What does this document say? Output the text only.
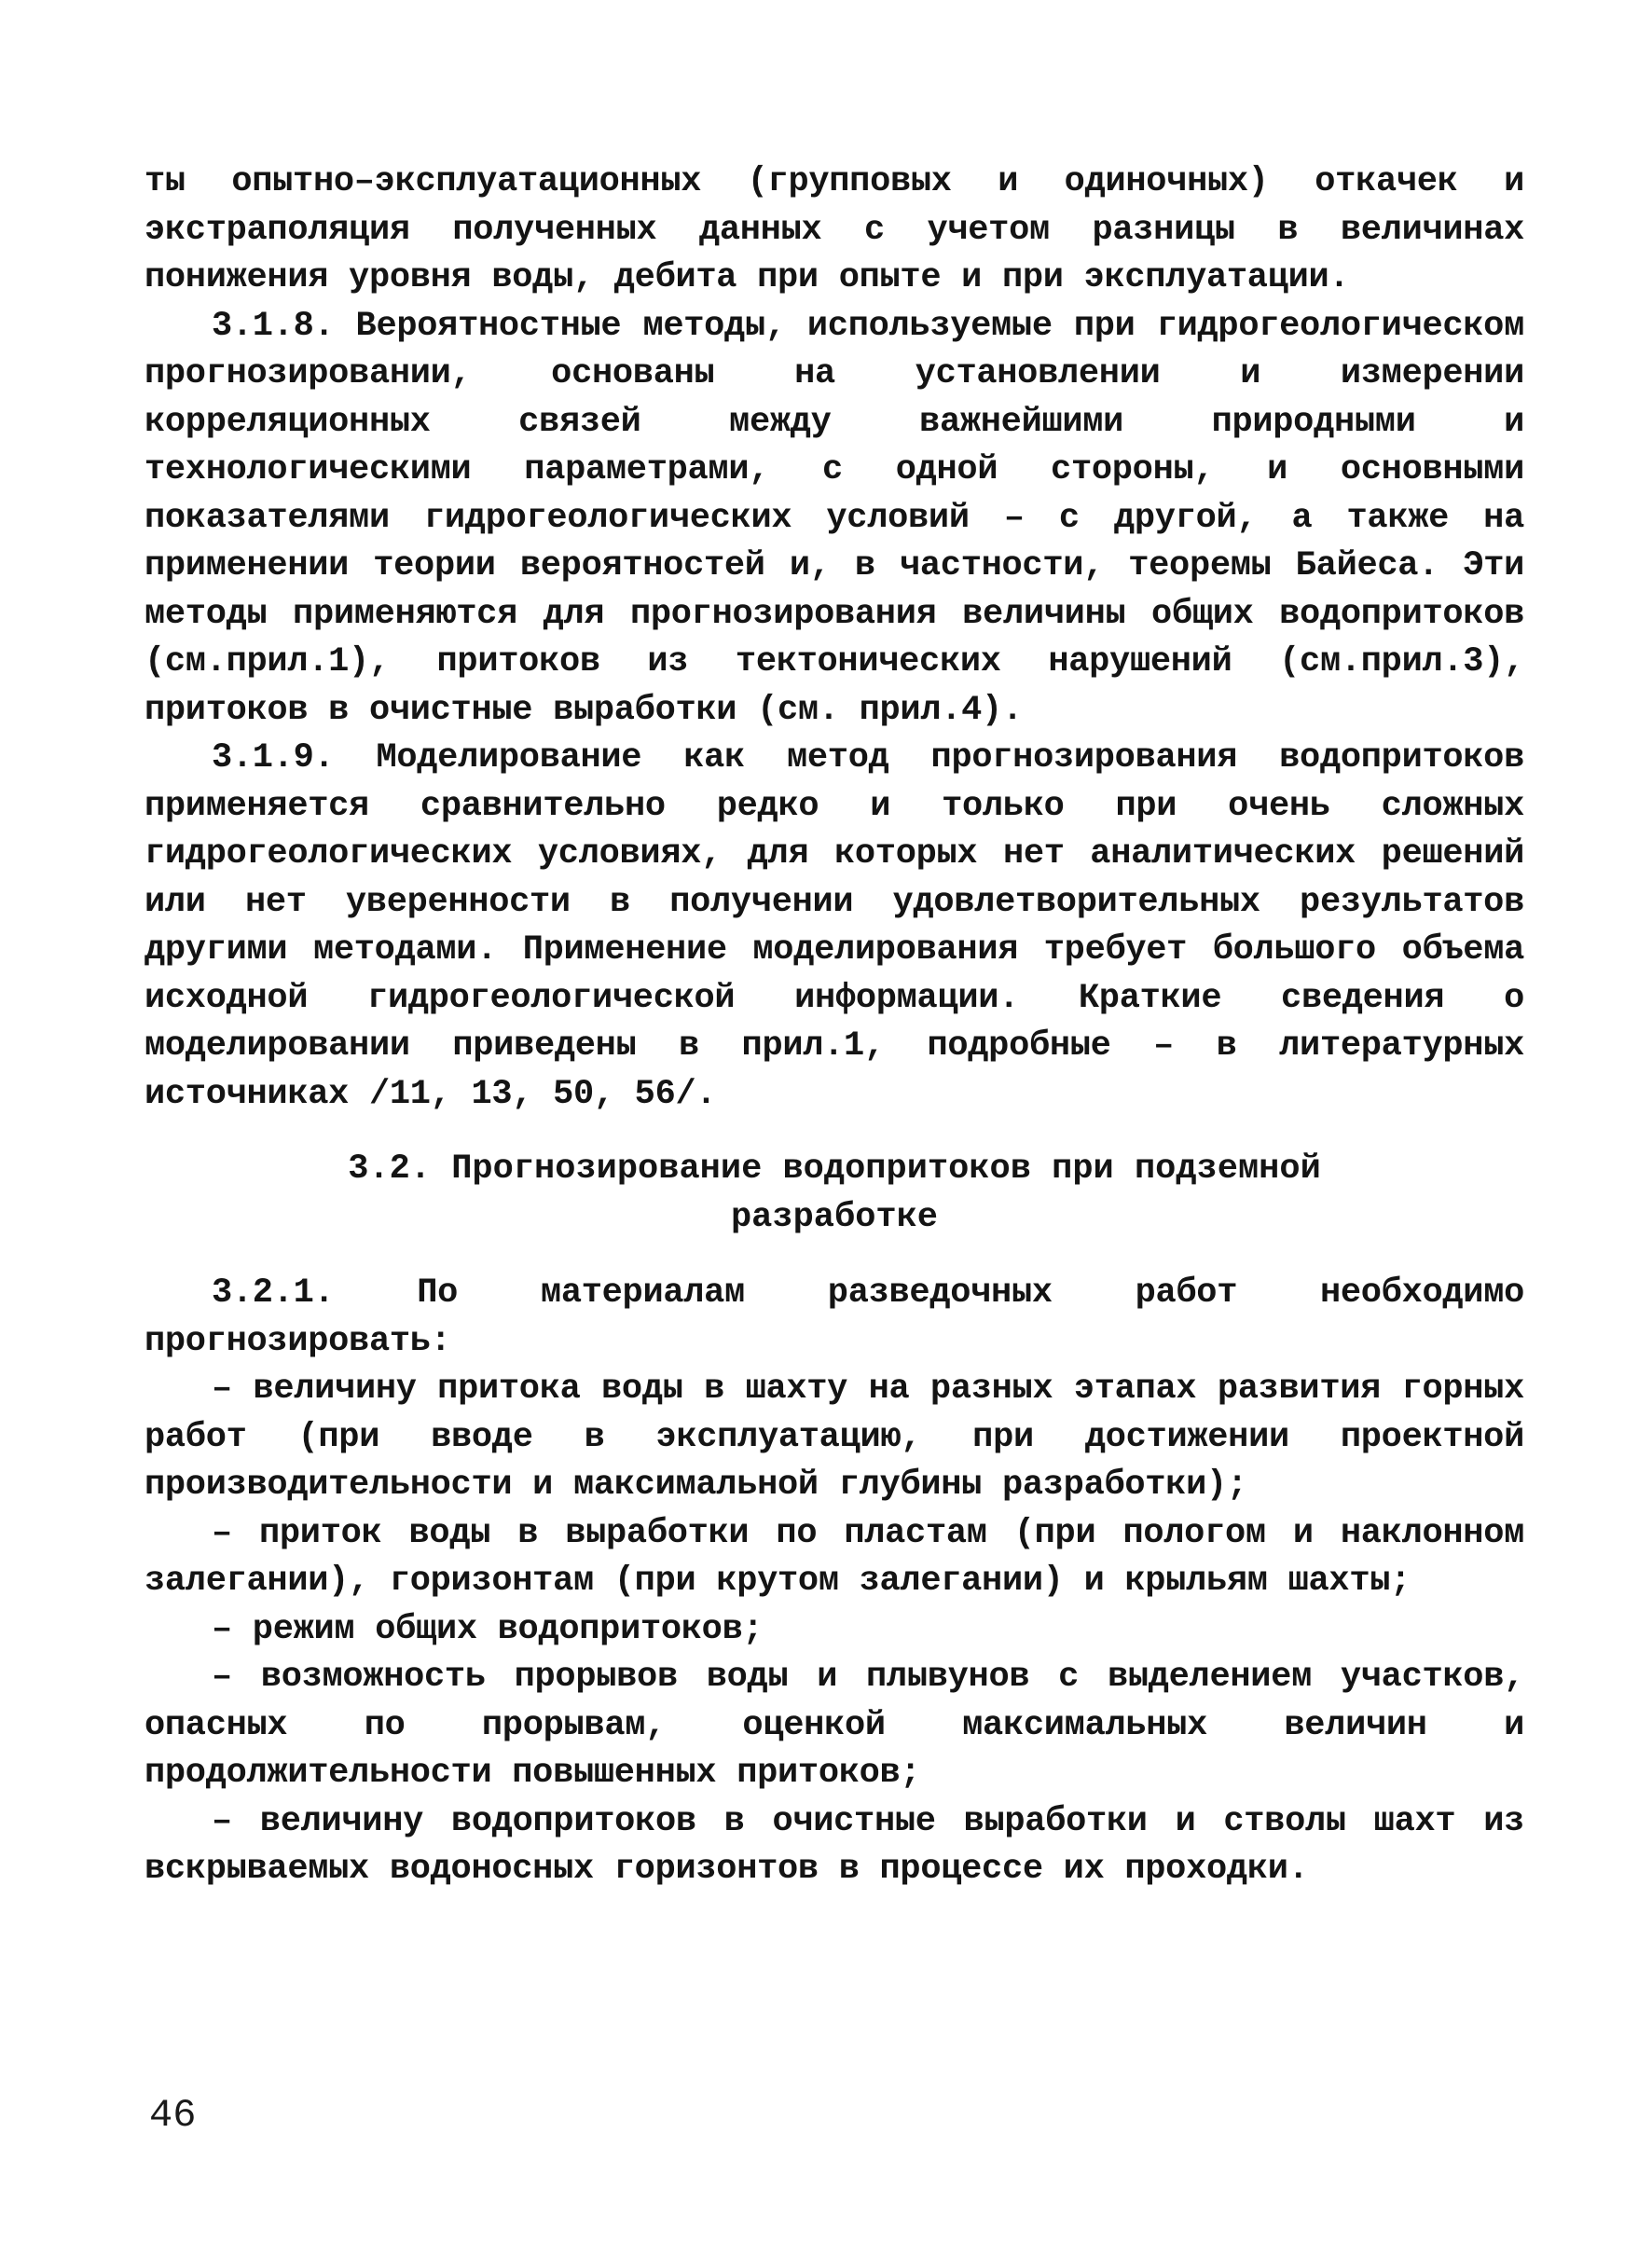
ты опытно–эксплуатационных (групповых и одиночных) откачек и экстраполяция полученных данных с учетом разницы в величинах понижения уровня воды, дебита при опыте и при эксплуатации.

3.1.8. Вероятностные методы, используемые при гидрогеологическом прогнозировании, основаны на установлении и измерении корреляционных связей между важнейшими природными и технологическими параметрами, с одной стороны, и основными показателями гидрогеологических условий – с другой, а также на применении теории вероятностей и, в частности, теоремы Байеса. Эти методы применяются для прогнозирования величины общих водопритоков (см.прил.1), притоков из тектонических нарушений (см.прил.3), притоков в очистные выработки (см. прил.4).

3.1.9. Моделирование как метод прогнозирования водопритоков применяется сравнительно редко и только при очень сложных гидрогеологических условиях, для которых нет аналитических решений или нет уверенности в получении удовлетворительных результатов другими методами. Применение моделирования требует большого объема исходной гидрогеологической информации. Краткие сведения о моделировании приведены в прил.1, подробные – в литературных источниках /11, 13, 50, 56/.

3.2. Прогнозирование водопритоков при подземной
разработке

3.2.1. По материалам разведочных работ необходимо прогнозировать:

– величину притока воды в шахту на разных этапах развития горных работ (при вводе в эксплуатацию, при достижении проектной производительности и максимальной глубины разработки);

– приток воды в выработки по пластам (при пологом и наклонном залегании), горизонтам (при крутом залегании) и крыльям шахты;

– режим общих водопритоков;

– возможность прорывов воды и плывунов с выделением участков, опасных по прорывам, оценкой максимальных величин и продолжительности повышенных притоков;

– величину водопритоков в очистные выработки и стволы шахт из вскрываемых водоносных горизонтов в процессе их проходки.

46
